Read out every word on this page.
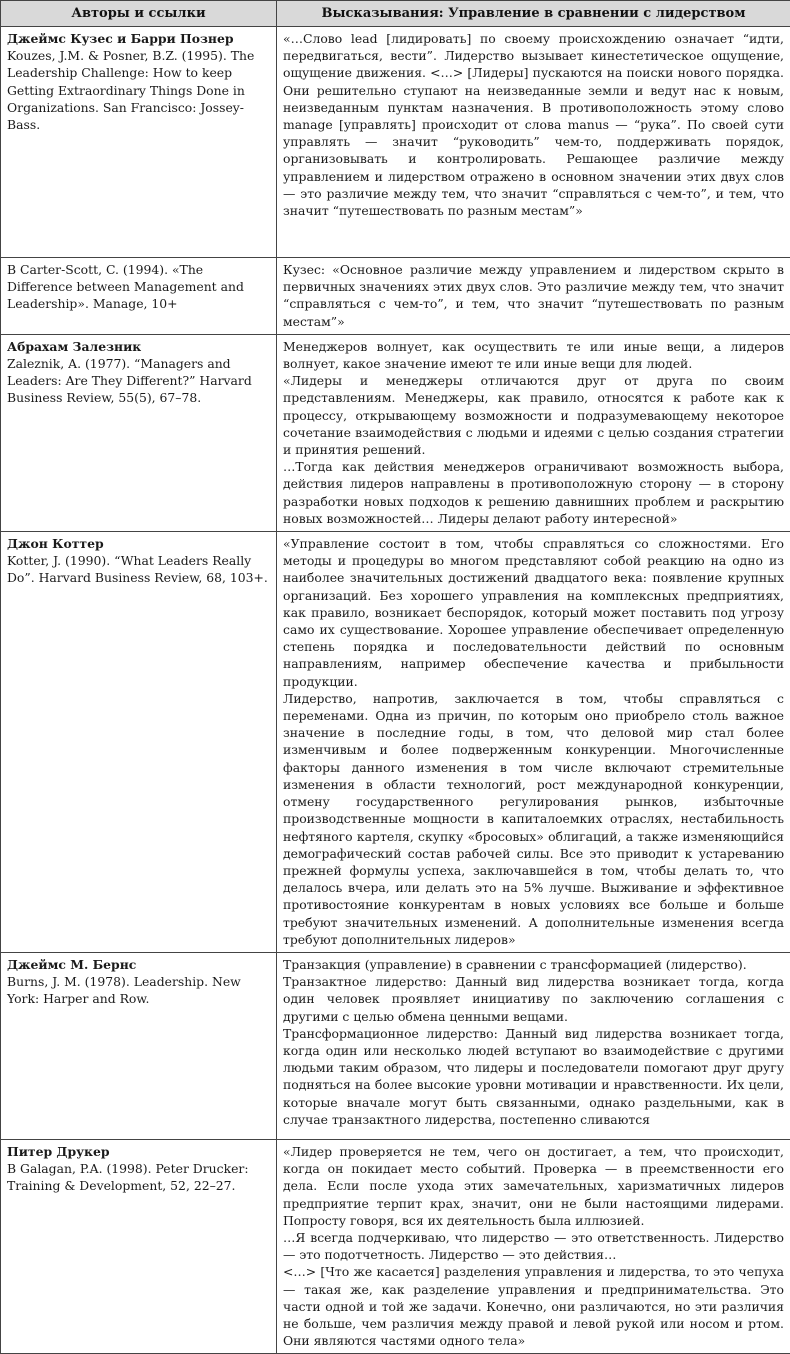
Авторы и ссылки	Высказывания: Управление в сравнении с лидерством

Джеймс Кузес и Барри Познер
Kouzes, J.M. & Posner, B.Z. (1995). The Leadership Challenge: How to keep Getting Extraordinary Things Done in Organizations. San Francisco: Jossey-Bass.	«…Слово lead [лидировать] по своему происхождению означает “идти, передвигаться, вести”. Лидерство вызывает кинестетическое ощущение, ощущение движения. <…> [Лидеры] пускаются на поиски нового порядка. Они решительно ступают на неизведанные земли и ведут нас к новым, неизведанным пунктам назначения. В противоположность этому слово manage [управлять] происходит от слова manus — “рука”. По своей сути управлять — значит “руководить” чем-то, поддерживать порядок, организовывать и контролировать. Решающее различие между управлением и лидерством отражено в основном значении этих двух слов — это различие между тем, что значит “справляться с чем-то”, и тем, что значит “путешествовать по разным местам”»

В Carter-Scott, C. (1994). «The Difference between Management and Leadership». Manage, 10+	Кузес: «Основное различие между управлением и лидерством скрыто в первичных значениях этих двух слов. Это различие между тем, что значит “справляться с чем-то”, и тем, что значит “путешествовать по разным местам”»

Абрахам Залезник
Zaleznik, A. (1977). “Managers and Leaders: Are They Different?” Harvard Business Review, 55(5), 67–78.	Менеджеров волнует, как осуществить те или иные вещи, а лидеров волнует, какое значение имеют те или иные вещи для людей.
«Лидеры и менеджеры отличаются друг от друга по своим представлениям. Менеджеры, как правило, относятся к работе как к процессу, открывающему возможности и подразумевающему некоторое сочетание взаимодействия с людьми и идеями с целью создания стратегии и принятия решений.
…Тогда как действия менеджеров ограничивают возможность выбора, действия лидеров направлены в противоположную сторону — в сторону разработки новых подходов к решению давнишних проблем и раскрытию новых возможностей… Лидеры делают работу интересной»

Джон Коттер
Kotter, J. (1990). “What Leaders Really Do”. Harvard Business Review, 68, 103+.	«Управление состоит в том, чтобы справляться со сложностями. Его методы и процедуры во многом представляют собой реакцию на одно из наиболее значительных достижений двадцатого века: появление крупных организаций. Без хорошего управления на комплексных предприятиях, как правило, возникает беспорядок, который может поставить под угрозу само их существование. Хорошее управление обеспечивает определенную степень порядка и последовательности действий по основным направлениям, например обеспечение качества и прибыльности продукции.
Лидерство, напротив, заключается в том, чтобы справляться с переменами. Одна из причин, по которым оно приобрело столь важное значение в последние годы, в том, что деловой мир стал более изменчивым и более подверженным конкуренции. Многочисленные факторы данного изменения в том числе включают стремительные изменения в области технологий, рост международной конкуренции, отмену государственного регулирования рынков, избыточные производственные мощности в капиталоемких отраслях, нестабильность нефтяного картеля, скупку «бросовых» облигаций, а также изменяющийся демографический состав рабочей силы. Все это приводит к устареванию прежней формулы успеха, заключавшейся в том, чтобы делать то, что делалось вчера, или делать это на 5% лучше. Выживание и эффективное противостояние конкурентам в новых условиях все больше и больше требуют значительных изменений. А дополнительные изменения всегда требуют дополнительных лидеров»

Джеймс М. Бернс
Burns, J. M. (1978). Leadership. New York: Harper and Row.	Транзакция (управление) в сравнении с трансформацией (лидерство).
Транзактное лидерство: Данный вид лидерства возникает тогда, когда один человек проявляет инициативу по заключению соглашения с другими с целью обмена ценными вещами.
Трансформационное лидерство: Данный вид лидерства возникает тогда, когда один или несколько людей вступают во взаимодействие с другими людьми таким образом, что лидеры и последователи помогают друг другу подняться на более высокие уровни мотивации и нравственности. Их цели, которые вначале могут быть связанными, однако раздельными, как в случае транзактного лидерства, постепенно сливаются

Питер Друкер
В Galagan, P.A. (1998). Peter Drucker: Training & Development, 52, 22–27.	«Лидер проверяется не тем, чего он достигает, а тем, что происходит, когда он покидает место событий. Проверка — в преемственности его дела. Если после ухода этих замечательных, харизматичных лидеров предприятие терпит крах, значит, они не были настоящими лидерами. Попросту говоря, вся их деятельность была иллюзией.
…Я всегда подчеркиваю, что лидерство — это ответственность. Лидерство — это подотчетность. Лидерство — это действия…
<…> [Что же касается] разделения управления и лидерства, то это чепуха — такая же, как разделение управления и предпринимательства. Это части одной и той же задачи. Конечно, они различаются, но эти различия не больше, чем различия между правой и левой рукой или носом и ртом. Они являются частями одного тела»
